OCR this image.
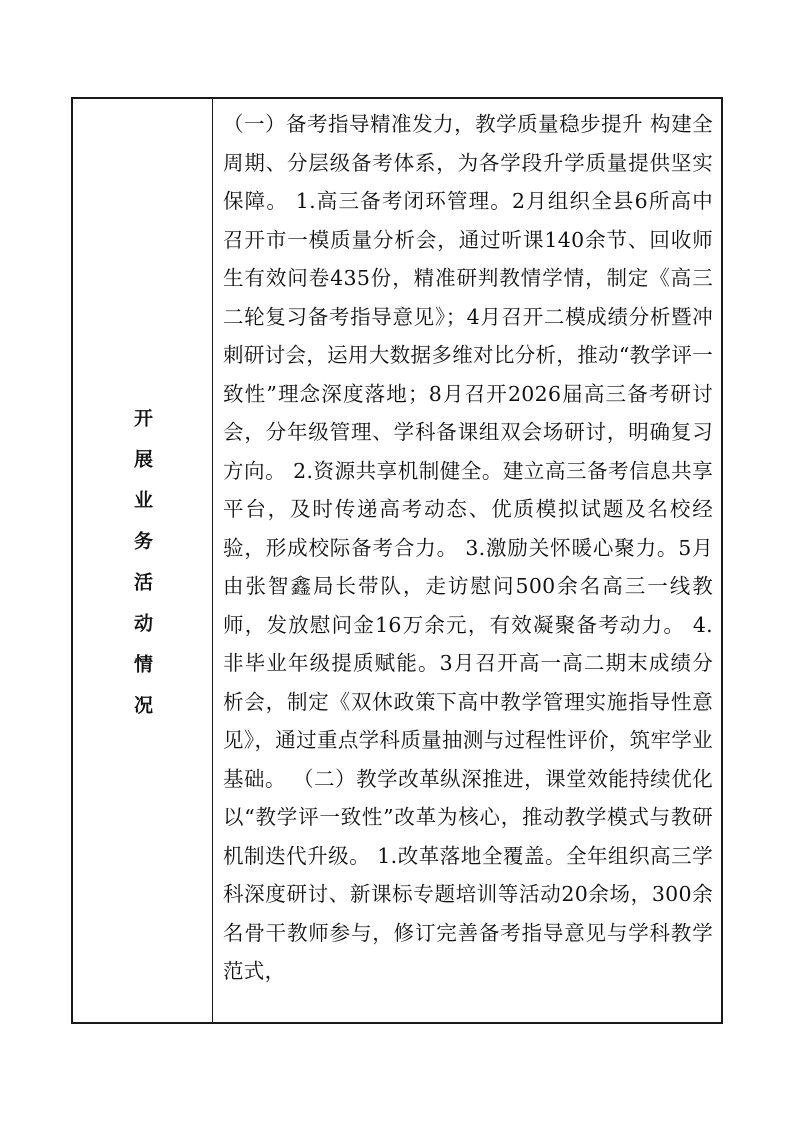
开展业务活动情况

（一）备考指导精准发力，教学质量稳步提升 构建全周期、分层级备考体系，为各学段升学质量提供坚实保障。 1.高三备考闭环管理。2月组织全县6所高中召开市一模质量分析会，通过听课140余节、回收师生有效问卷435份，精准研判教情学情，制定《高三二轮复习备考指导意见》；4月召开二模成绩分析暨冲刺研讨会，运用大数据多维对比分析，推动“教学评一致性”理念深度落地；8月召开2026届高三备考研讨会，分年级管理、学科备课组双会场研讨，明确复习方向。 2.资源共享机制健全。建立高三备考信息共享平台，及时传递高考动态、优质模拟试题及名校经验，形成校际备考合力。 3.激励关怀暖心聚力。5月由张智鑫局长带队，走访慰问500余名高三一线教师，发放慰问金16万余元，有效凝聚备考动力。 4.非毕业年级提质赋能。3月召开高一高二期末成绩分析会，制定《双休政策下高中教学管理实施指导性意见》，通过重点学科质量抽测与过程性评价，筑牢学业基础。 （二）教学改革纵深推进，课堂效能持续优化 以“教学评一致性”改革为核心，推动教学模式与教研机制迭代升级。 1.改革落地全覆盖。全年组织高三学科深度研讨、新课标专题培训等活动20余场，300余名骨干教师参与，修订完善备考指导意见与学科教学范式，
